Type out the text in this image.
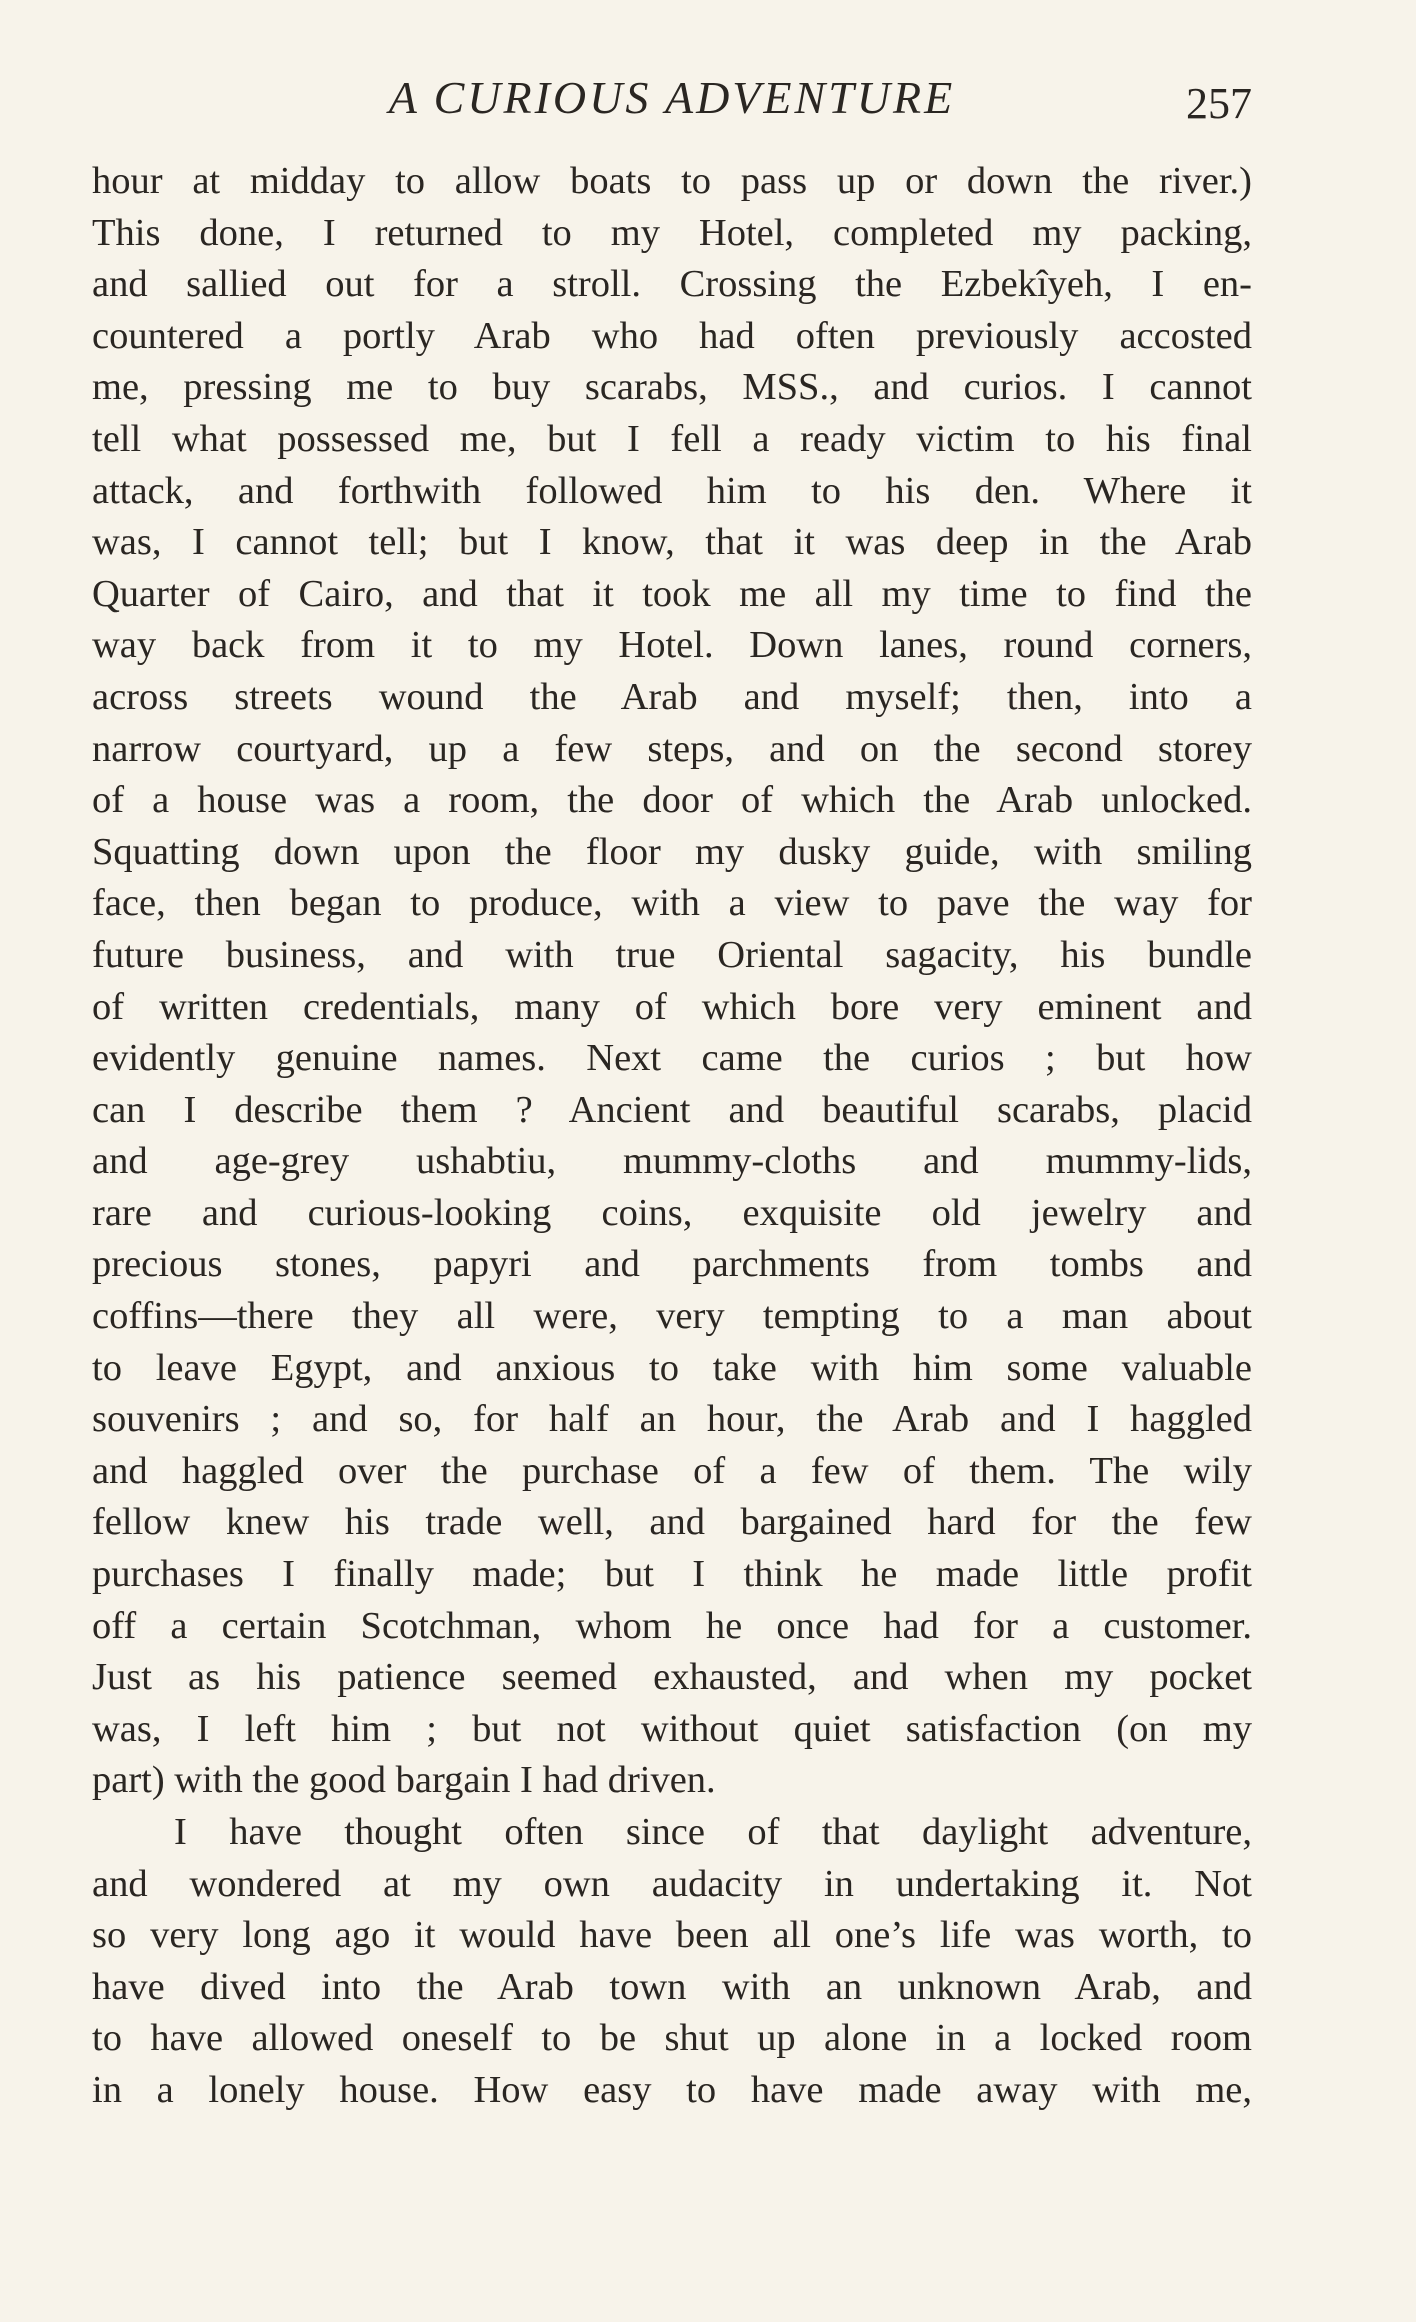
A CURIOUS ADVENTURE	257
hour at midday to allow boats to pass up or down the river.)
This done, I returned to my Hotel, completed my packing,
and sallied out for a stroll. Crossing the Ezbekîyeh, I en-
countered a portly Arab who had often previously accosted
me, pressing me to buy scarabs, MSS., and curios. I cannot
tell what possessed me, but I fell a ready victim to his final
attack, and forthwith followed him to his den. Where it
was, I cannot tell; but I know, that it was deep in the Arab
Quarter of Cairo, and that it took me all my time to find the
way back from it to my Hotel. Down lanes, round corners,
across streets wound the Arab and myself; then, into a
narrow courtyard, up a few steps, and on the second storey
of a house was a room, the door of which the Arab unlocked.
Squatting down upon the floor my dusky guide, with smiling
face, then began to produce, with a view to pave the way for
future business, and with true Oriental sagacity, his bundle
of written credentials, many of which bore very eminent and
evidently genuine names. Next came the curios ; but how
can I describe them ? Ancient and beautiful scarabs, placid
and age-grey ushabtiu, mummy-cloths and mummy-lids,
rare and curious-looking coins, exquisite old jewelry and
precious stones, papyri and parchments from tombs and
coffins—there they all were, very tempting to a man about
to leave Egypt, and anxious to take with him some valuable
souvenirs ; and so, for half an hour, the Arab and I haggled
and haggled over the purchase of a few of them. The wily
fellow knew his trade well, and bargained hard for the few
purchases I finally made; but I think he made little profit
off a certain Scotchman, whom he once had for a customer.
Just as his patience seemed exhausted, and when my pocket
was, I left him ; but not without quiet satisfaction (on my
part) with the good bargain I had driven.
I have thought often since of that daylight adventure,
and wondered at my own audacity in undertaking it. Not
so very long ago it would have been all one’s life was worth, to
have dived into the Arab town with an unknown Arab, and
to have allowed oneself to be shut up alone in a locked room
in a lonely house. How easy to have made away with me,
